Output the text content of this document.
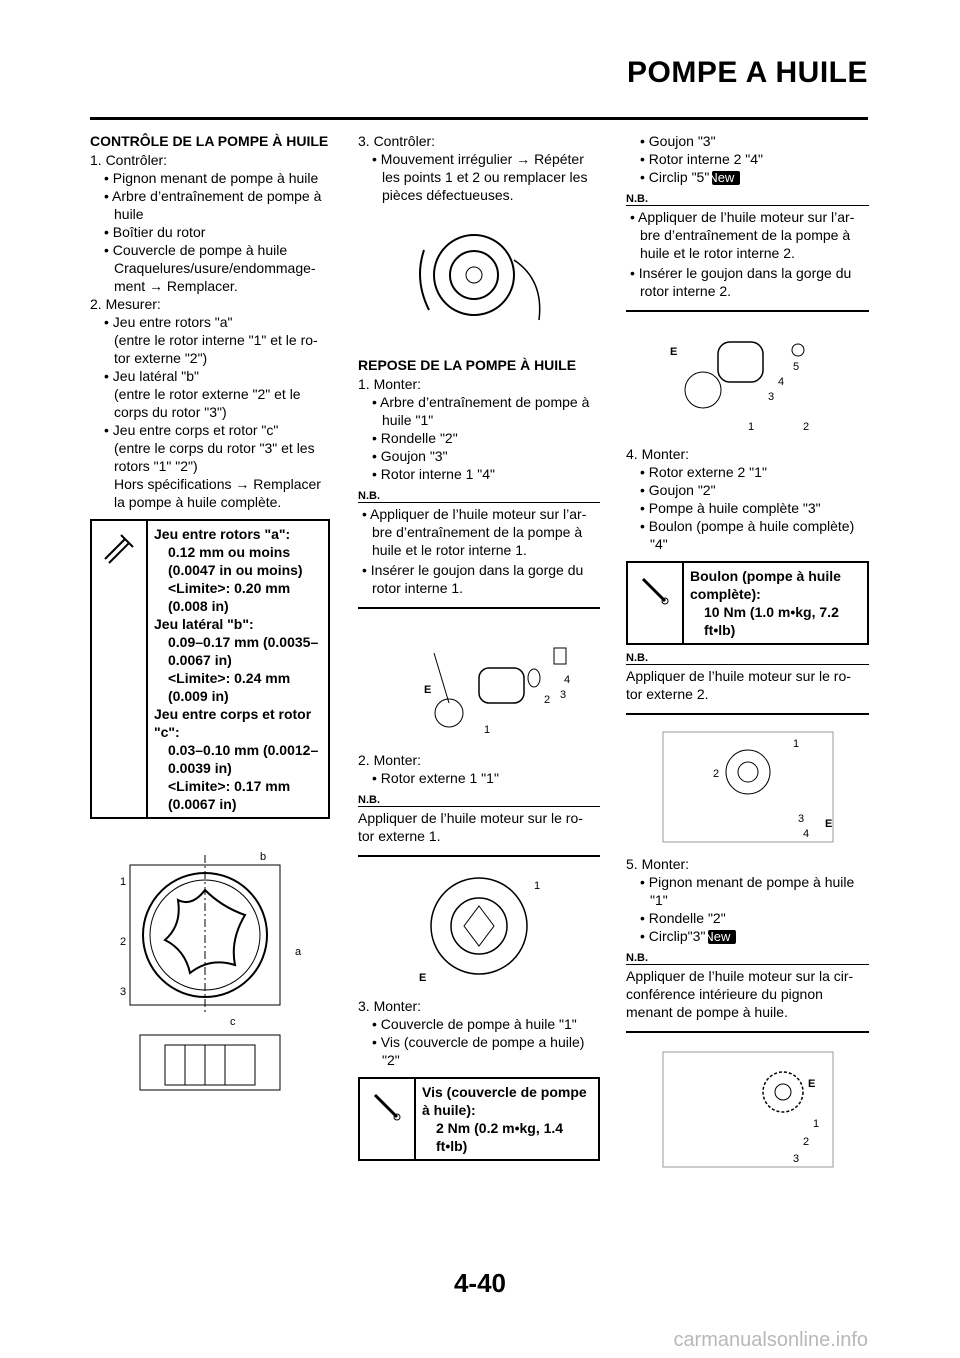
POMPE A HUILE

CONTRÔLE DE LA POMPE À HUILE

1. Contrôler:

• Pignon menant de pompe à huile

• Arbre d’entraînement de pompe à huile

• Boîtier du rotor

• Couvercle de pompe à huile

Craquelures/usure/endommage- ment → Remplacer.

2. Mesurer:

• Jeu entre rotors "a"

(entre le rotor interne "1" et le ro- tor externe "2")

• Jeu latéral "b"

(entre le rotor externe "2" et le corps du rotor "3")

• Jeu entre corps et rotor "c"

(entre le corps du rotor "3" et les rotors "1" "2")

Hors spécifications → Remplacer la pompe à huile complète.

Jeu entre rotors "a":
0.12 mm ou moins
(0.0047 in ou moins)
<Limite>: 0.20 mm
(0.008 in)
Jeu latéral "b":
0.09–0.17 mm (0.0035–
0.0067 in)
<Limite>: 0.24 mm
(0.009 in)
Jeu entre corps et rotor
"c":
0.03–0.10 mm (0.0012–
0.0039 in)
<Limite>: 0.17 mm
(0.0067 in)
1
2
3
a
b
c

3. Contrôler:

• Mouvement irrégulier → Répéter les points 1 et 2 ou remplacer les pièces défectueuses.

REPOSE DE LA POMPE À HUILE

1. Monter:

• Arbre d’entraînement de pompe à huile "1"

• Rondelle "2"

• Goujon "3"

• Rotor interne 1 "4"

N.B.

• Appliquer de l’huile moteur sur l’ar- bre d’entraînement de la pompe à huile et le rotor interne 1.

• Insérer le goujon dans la gorge du rotor interne 1.

1
2 3
4
E

2. Monter:

• Rotor externe 1 "1"

N.B.

Appliquer de l’huile moteur sur le ro- tor externe 1.

1
E

3. Monter:

• Couvercle de pompe à huile "1"

• Vis (couvercle de pompe a huile) "2"

Vis (couvercle de pompe
à huile):
2 Nm (0.2 m•kg, 1.4
ft•lb)

• Goujon "3"

• Rotor interne 2 "4"

• Circlip "5"New

N.B.

• Appliquer de l’huile moteur sur l’ar- bre d’entraînement de la pompe à huile et le rotor interne 2.

• Insérer le goujon dans la gorge du rotor interne 2.

1	2
3
4
5
E

4. Monter:

• Rotor externe 2 "1"

• Goujon "2"

• Pompe à huile complète "3"

• Boulon (pompe à huile complète) "4"

Boulon (pompe à huile
complète):
10 Nm (1.0 m•kg, 7.2
ft•lb)
N.B.

Appliquer de l’huile moteur sur le ro- tor externe 2.

1
2
3
4
E

5. Monter:

• Pignon menant de pompe à huile "1"

• Rondelle "2"

• Circlip"3"New

N.B.

Appliquer de l’huile moteur sur la cir- conférence intérieure du pignon menant de pompe à huile.

1
2
3
E
4-40
carmanualsonline.info
